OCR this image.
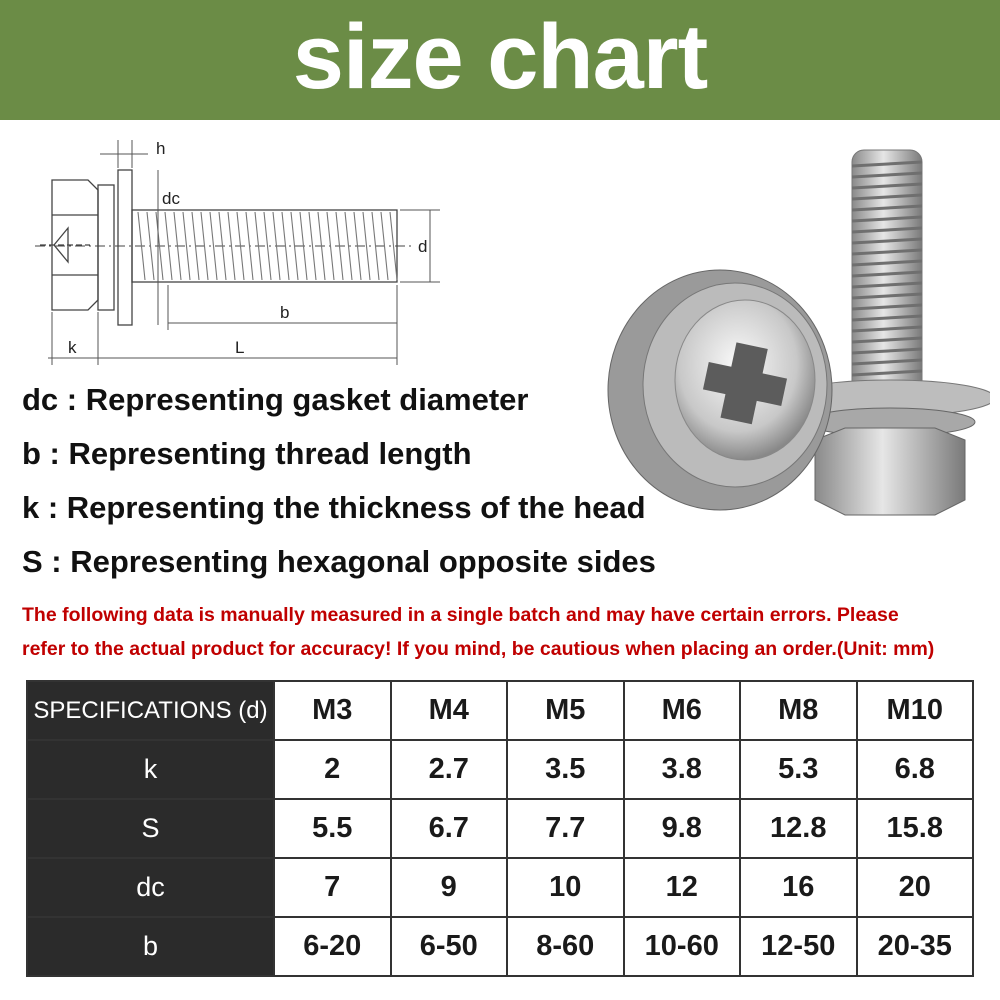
size chart
h
dc
d
b
k	L
dc : Representing gasket diameter
b : Representing thread length
k : Representing the thickness of the head
S : Representing hexagonal opposite sides
The following data is manually measured in a single batch and may have certain errors. Please
refer to the actual product for accuracy! If you mind, be cautious when placing an order.(Unit: mm)
SPECIFICATIONS (d)	M3	M4	M5	M6	M8	M10
k	2	2.7	3.5	3.8	5.3	6.8
S	5.5	6.7	7.7	9.8	12.8	15.8
dc	7	9	10	12	16	20
b	6-20	6-50	8-60	10-60	12-50	20-35
